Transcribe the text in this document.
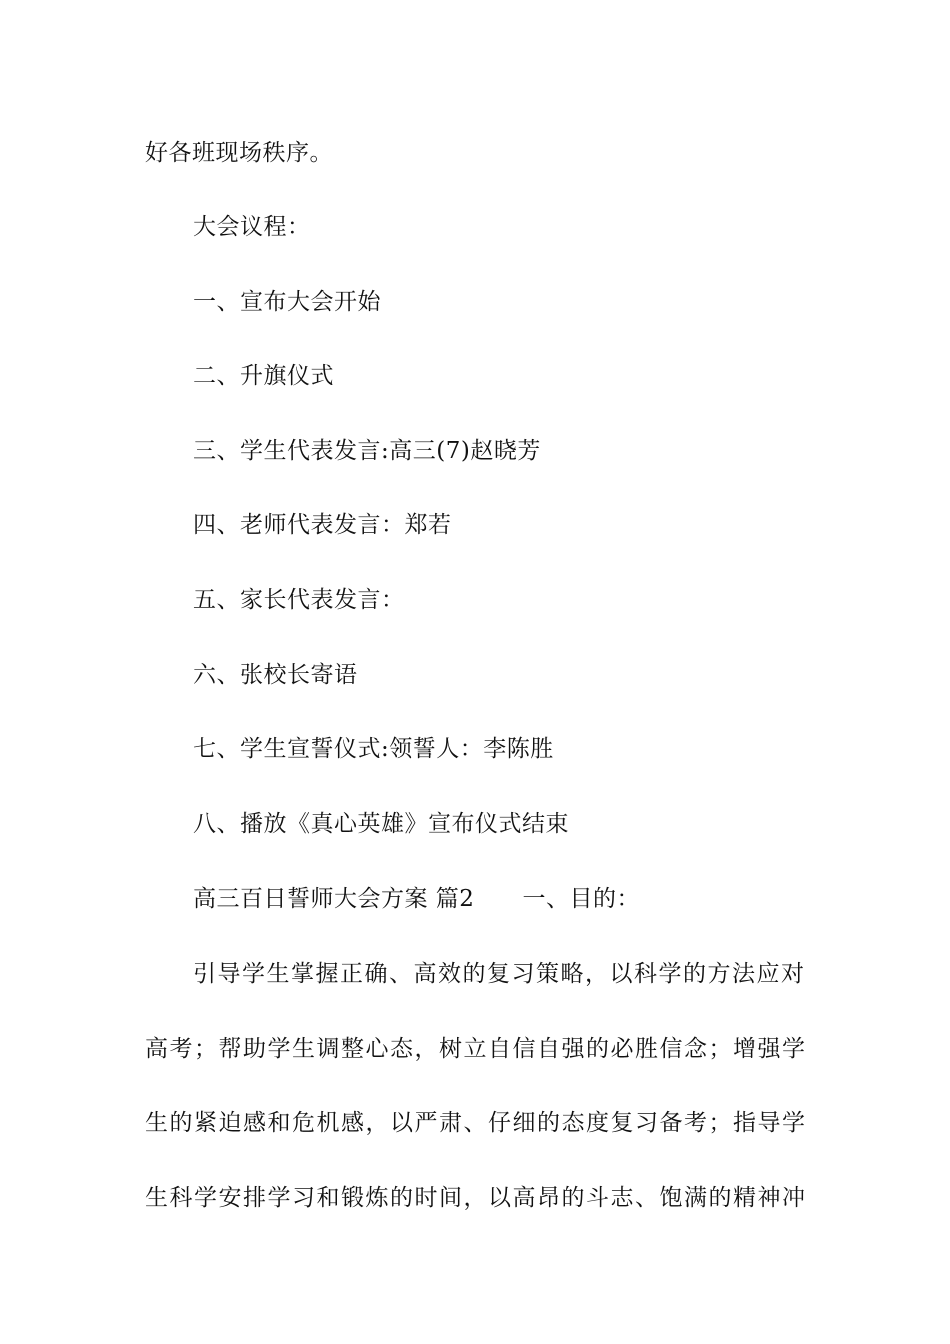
好各班现场秩序。
大会议程：
一、宣布大会开始
二、升旗仪式
三、学生代表发言:高三(7)赵晓芳
四、老师代表发言：郑若
五、家长代表发言：
六、张校长寄语
七、学生宣誓仪式:领誓人：李陈胜
八、播放《真心英雄》宣布仪式结束
高三百日誓师大会方案 篇2 一、目的：
引导学生掌握正确、高效的复习策略，以科学的方法应对
高考；帮助学生调整心态，树立自信自强的必胜信念；增强学
生的紧迫感和危机感，以严肃、仔细的态度复习备考；指导学
生科学安排学习和锻炼的时间，以高昂的斗志、饱满的精神冲
